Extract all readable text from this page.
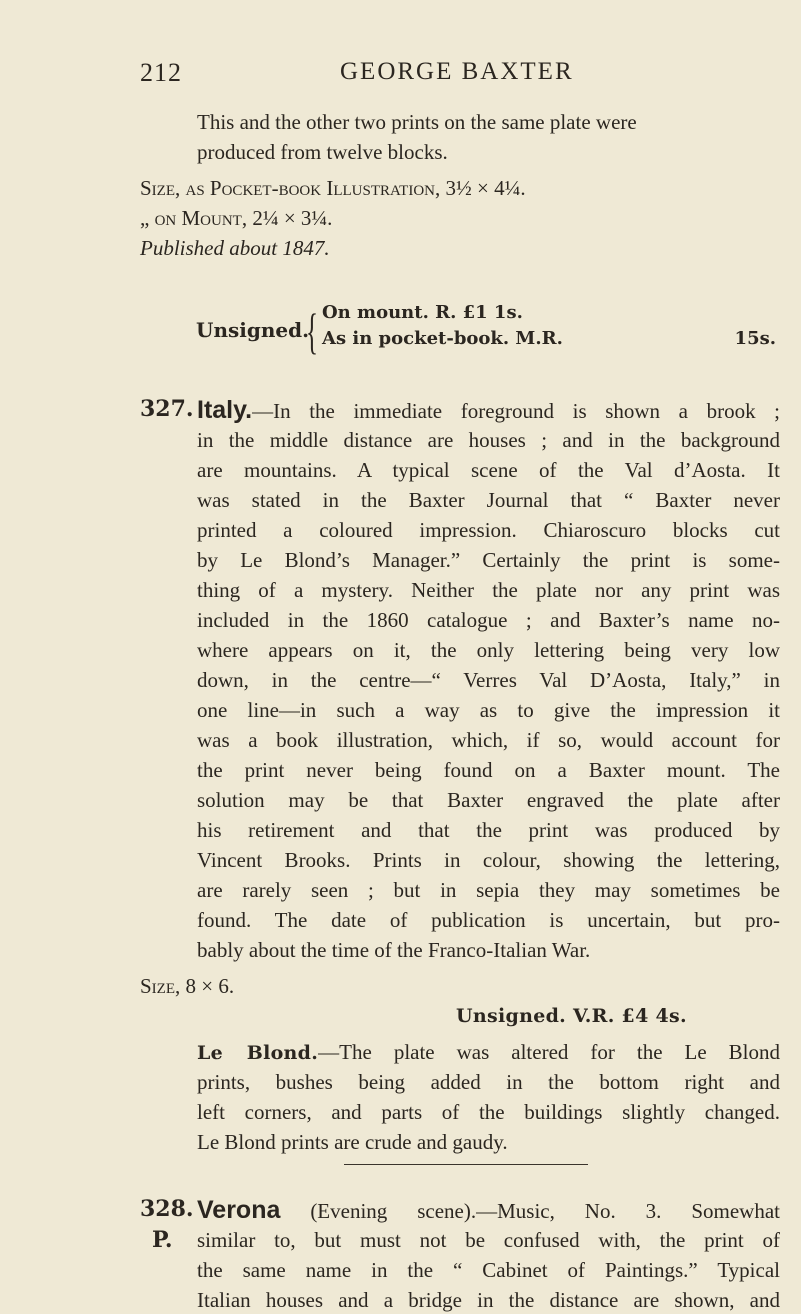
212	GEORGE BAXTER
This and the other two prints on the same plate were
produced from twelve blocks.
Size, as Pocket-book Illustration, 3½ × 4¼.
„ on Mount, 2¼ × 3¼.
Published about 1847.
Unsigned.
{ On mount. R. £1 1s.
As in pocket-book. M.R.	15s.
327. Italy.—In the immediate foreground is shown a brook ;
in the middle distance are houses ; and in the background
are mountains. A typical scene of the Val d’Aosta. It
was stated in the Baxter Journal that “ Baxter never
printed a coloured impression. Chiaroscuro blocks cut
by Le Blond’s Manager.” Certainly the print is some-
thing of a mystery. Neither the plate nor any print was
included in the 1860 catalogue ; and Baxter’s name no-
where appears on it, the only lettering being very low
down, in the centre—“ Verres Val D’Aosta, Italy,” in
one line—in such a way as to give the impression it
was a book illustration, which, if so, would account for
the print never being found on a Baxter mount. The
solution may be that Baxter engraved the plate after
his retirement and that the print was produced by
Vincent Brooks. Prints in colour, showing the lettering,
are rarely seen ; but in sepia they may sometimes be
found. The date of publication is uncertain, but pro-
bably about the time of the Franco-Italian War.
Size, 8 × 6.
Unsigned. V.R. £4 4s.
Le Blond.—The plate was altered for the Le Blond
prints, bushes being added in the bottom right and
left corners, and parts of the buildings slightly changed.
Le Blond prints are crude and gaudy.
328.
P.
Verona (Evening scene).—Music, No. 3. Somewhat
similar to, but must not be confused with, the print of
the same name in the “ Cabinet of Paintings.” Typical
Italian houses and a bridge in the distance are shown, and
